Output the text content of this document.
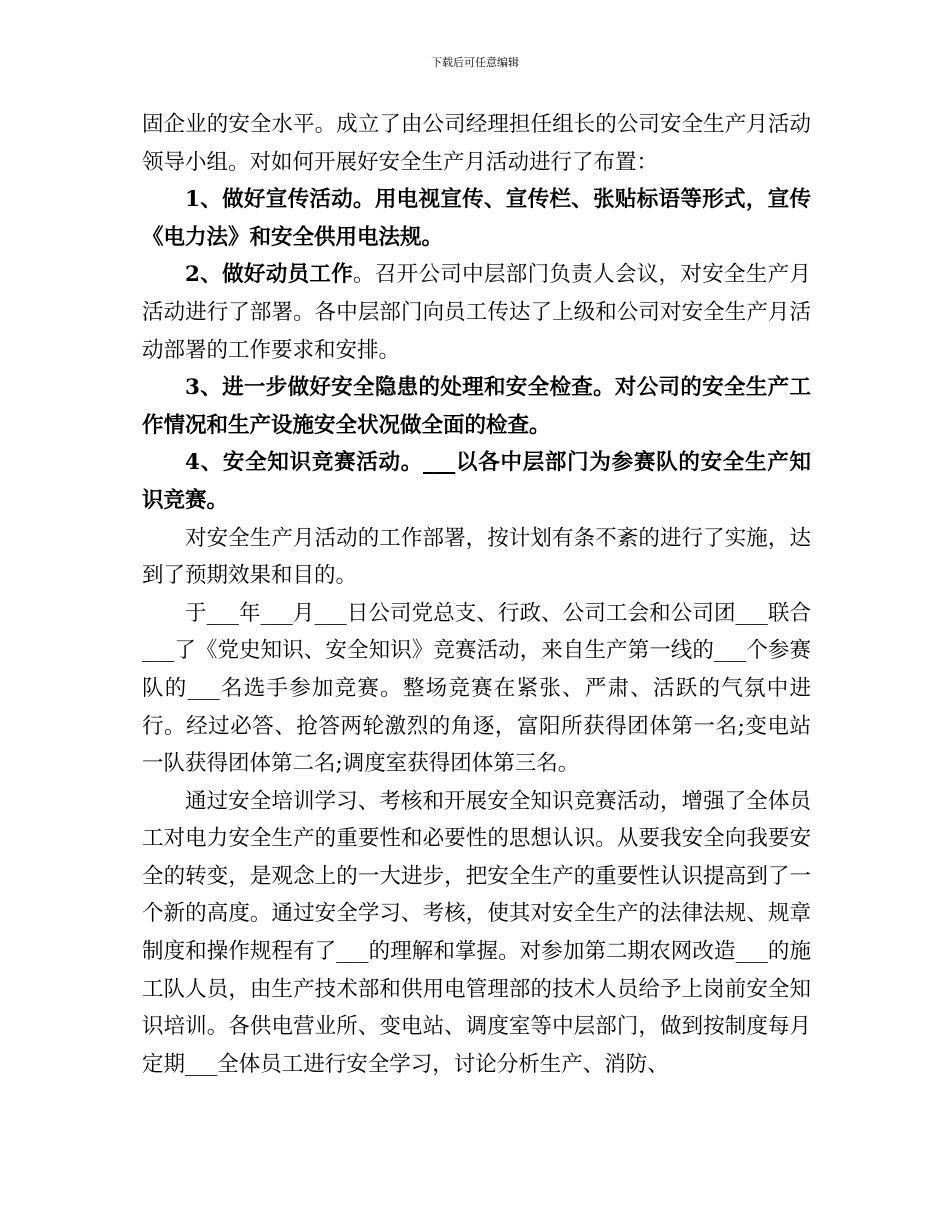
下载后可任意编辑

固企业的安全水平。成立了由公司经理担任组长的公司安全生产月活动领导小组。对如何开展好安全生产月活动进行了布置：

1、做好宣传活动。用电视宣传、宣传栏、张贴标语等形式，宣传《电力法》和安全供用电法规。

2、做好动员工作。召开公司中层部门负责人会议，对安全生产月活动进行了部署。各中层部门向员工传达了上级和公司对安全生产月活动部署的工作要求和安排。

3、进一步做好安全隐患的处理和安全检查。对公司的安全生产工作情况和生产设施安全状况做全面的检查。

4、安全知识竞赛活动。___以各中层部门为参赛队的安全生产知识竞赛。

对安全生产月活动的工作部署，按计划有条不紊的进行了实施，达到了预期效果和目的。

于___年___月___日公司党总支、行政、公司工会和公司团___联合___了《党史知识、安全知识》竞赛活动，来自生产第一线的___个参赛队的___名选手参加竞赛。整场竞赛在紧张、严肃、活跃的气氛中进行。经过必答、抢答两轮激烈的角逐，富阳所获得团体第一名;变电站一队获得团体第二名;调度室获得团体第三名。

通过安全培训学习、考核和开展安全知识竞赛活动，增强了全体员工对电力安全生产的重要性和必要性的思想认识。从要我安全向我要安全的转变，是观念上的一大进步，把安全生产的重要性认识提高到了一个新的高度。通过安全学习、考核，使其对安全生产的法律法规、规章制度和操作规程有了___的理解和掌握。对参加第二期农网改造___的施工队人员，由生产技术部和供用电管理部的技术人员给予上岗前安全知识培训。各供电营业所、变电站、调度室等中层部门，做到按制度每月定期___全体员工进行安全学习，讨论分析生产、消防、
